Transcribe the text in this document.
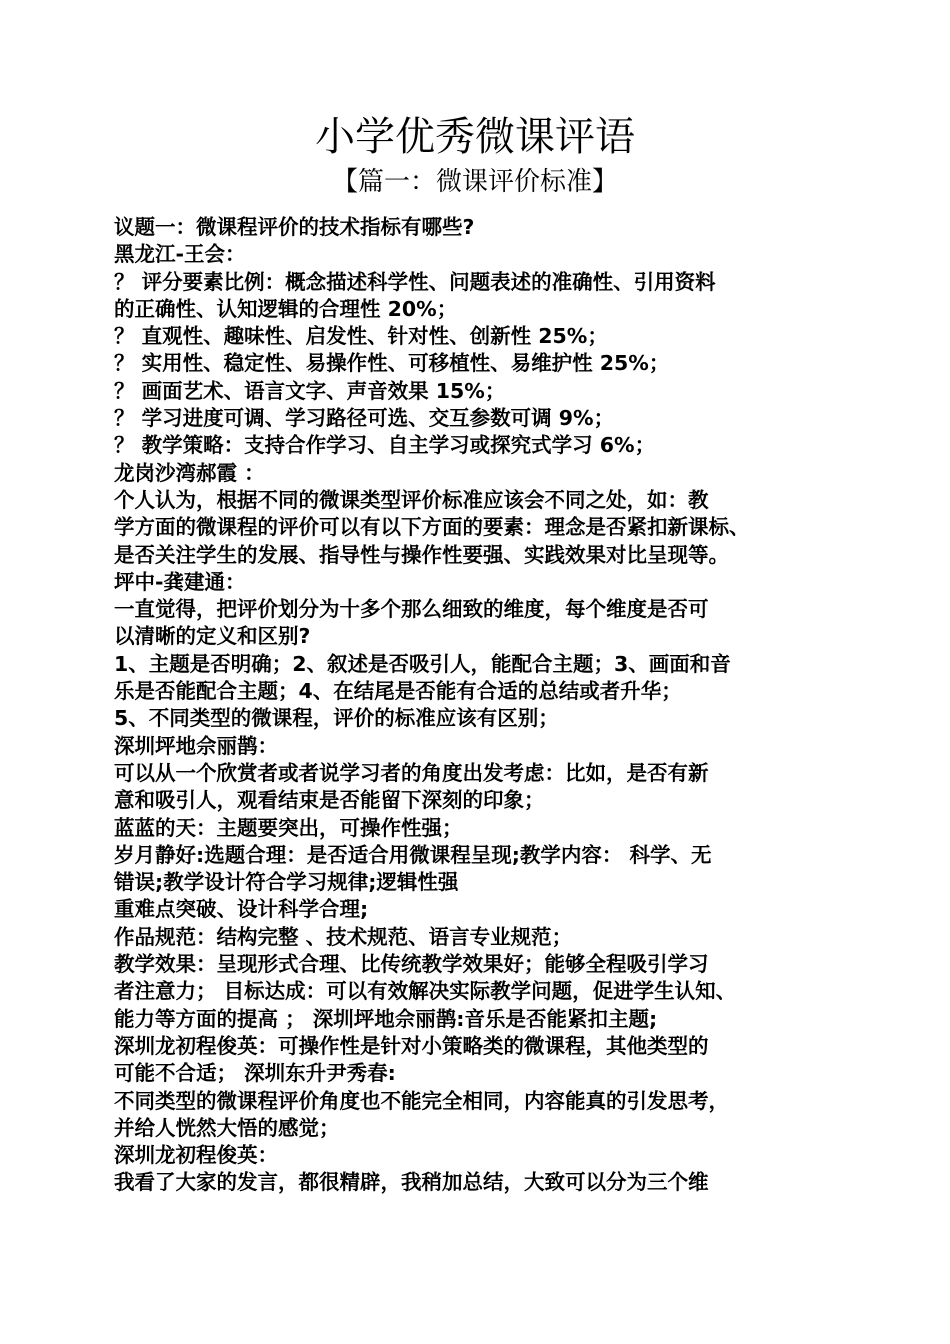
小学优秀微课评语
【篇一：微课评价标准】
议题一：微课程评价的技术指标有哪些?
黑龙江-王会：
？ 评分要素比例：概念描述科学性、问题表述的准确性、引用资料
的正确性、认知逻辑的合理性 20%；
？ 直观性、趣味性、启发性、针对性、创新性 25%；
？ 实用性、稳定性、易操作性、可移植性、易维护性 25%；
？ 画面艺术、语言文字、声音效果 15%；
？ 学习进度可调、学习路径可选、交互参数可调 9%；
？ 教学策略：支持合作学习、自主学习或探究式学习 6%；
龙岗沙湾郝霞 ：
个人认为，根据不同的微课类型评价标准应该会不同之处，如：教
学方面的微课程的评价可以有以下方面的要素：理念是否紧扣新课标、
是否关注学生的发展、指导性与操作性要强、实践效果对比呈现等。
坪中-龚建通：
一直觉得，把评价划分为十多个那么细致的维度，每个维度是否可
以清晰的定义和区别?
1、主题是否明确；2、叙述是否吸引人，能配合主题；3、画面和音
乐是否能配合主题；4、在结尾是否能有合适的总结或者升华；
5、不同类型的微课程，评价的标准应该有区别；
深圳坪地佘丽鹊：
可以从一个欣赏者或者说学习者的角度出发考虑：比如，是否有新
意和吸引人，观看结束是否能留下深刻的印象；
蓝蓝的天：主题要突出，可操作性强；
岁月静好:选题合理：是否适合用微课程呈现;教学内容： 科学、无
错误;教学设计符合学习规律;逻辑性强
重难点突破、设计科学合理;
作品规范：结构完整 、技术规范、语言专业规范；
教学效果：呈现形式合理、比传统教学效果好；能够全程吸引学习
者注意力； 目标达成：可以有效解决实际教学问题，促进学生认知、
能力等方面的提高 ； 深圳坪地佘丽鹊:音乐是否能紧扣主题;
深圳龙初程俊英：可操作性是针对小策略类的微课程，其他类型的
可能不合适； 深圳东升尹秀春:
不同类型的微课程评价角度也不能完全相同，内容能真的引发思考，
并给人恍然大悟的感觉；
深圳龙初程俊英：
我看了大家的发言，都很精辟，我稍加总结，大致可以分为三个维
